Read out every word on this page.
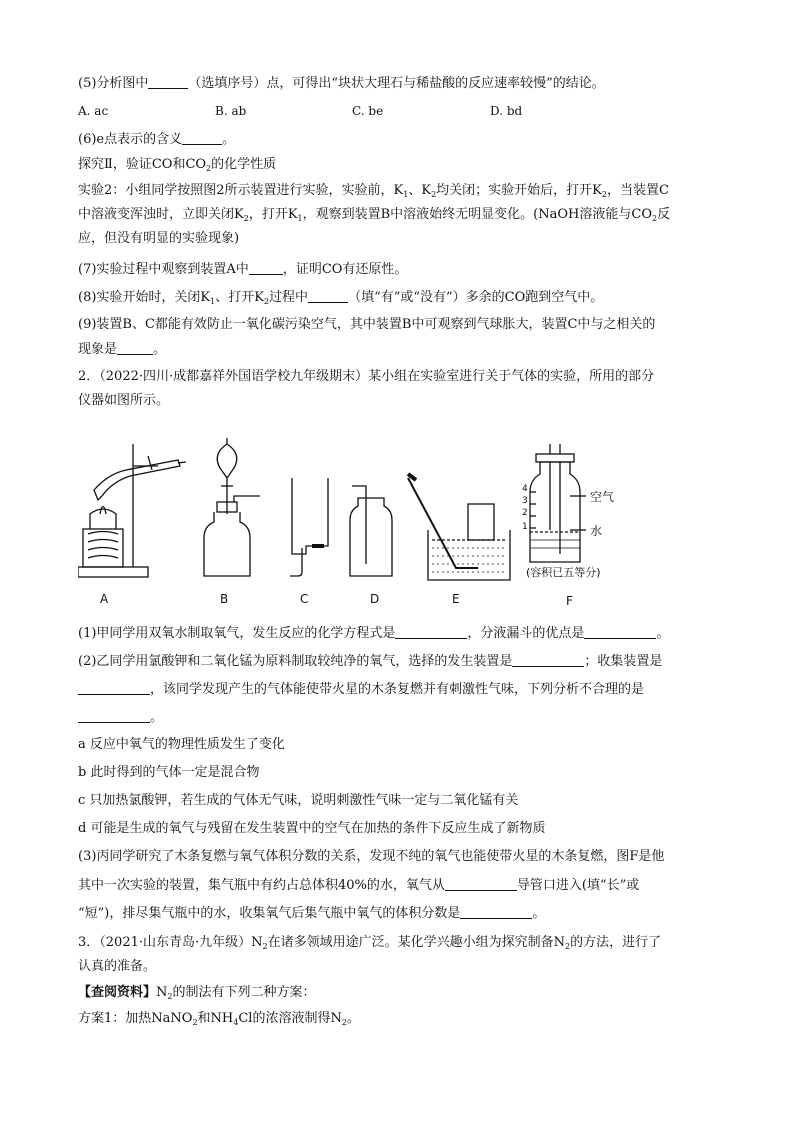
(5)分析图中	（选填序号）点，可得出“块状大理石与稀盐酸的反应速率较慢”的结论。
A. ac	B. ab	C. be	D. bd
(6)e点表示的含义	。
探究Ⅱ，验证CO和$CO_2$的化学性质
实验2：小组同学按照图2所示装置进行实验，实验前，$K_1$、$K_2$均关闭；实验开始后，打开$K_2$，当装置C
中溶液变浑浊时，立即关闭$K_2$，打开$K_1$，观察到装置B中溶液始终无明显变化。(NaOH溶液能与$CO_2$反
应，但没有明显的实验现象)
(7)实验过程中观察到装置A中	，证明CO有还原性。
(8)实验开始时，关闭$K_1$、打开$K_2$过程中	（填“有”或“没有”）多余的CO跑到空气中。
(9)装置B、C都能有效防止一氧化碳污染空气，其中装置B中可观察到气球胀大，装置C中与之相关的
现象是	。
2．（2022·四川·成都嘉祥外国语学校九年级期末）某小组在实验室进行关于气体的实验，所用的部分
仪器如图所示。
A	B	C	D	E	F
空气
水
(容积已五等分)
4
3
2
1
(1)甲同学用双氧水制取氧气，发生反应的化学方程式是	，分液漏斗的优点是	。
(2)乙同学用氯酸钾和二氧化锰为原料制取较纯净的氧气，选择的发生装置是	；收集装置是
，该同学发现产生的气体能使带火星的木条复燃并有刺激性气味，下列分析不合理的是
。
a 反应中氧气的物理性质发生了变化
b 此时得到的气体一定是混合物
c 只加热氯酸钾，若生成的气体无气味，说明刺激性气味一定与二氧化锰有关
d 可能是生成的氧气与残留在发生装置中的空气在加热的条件下反应生成了新物质
(3)丙同学研究了木条复燃与氧气体积分数的关系，发现不纯的氧气也能使带火星的木条复燃，图F是他
其中一次实验的装置，集气瓶中有约占总体积40%的水，氧气从	导管口进入(填“长”或
“短”)，排尽集气瓶中的水，收集氧气后集气瓶中氧气的体积分数是	。
3．（2021·山东青岛·九年级）$N_2$在诸多领域用途广泛。某化学兴趣小组为探究制备$N_2$的方法，进行了
认真的准备。
【查阅资料】$N_2$的制法有下列二种方案：
方案1：加热NaNO$_2$和$NH_4Cl$的浓溶液制得$N_2$。
